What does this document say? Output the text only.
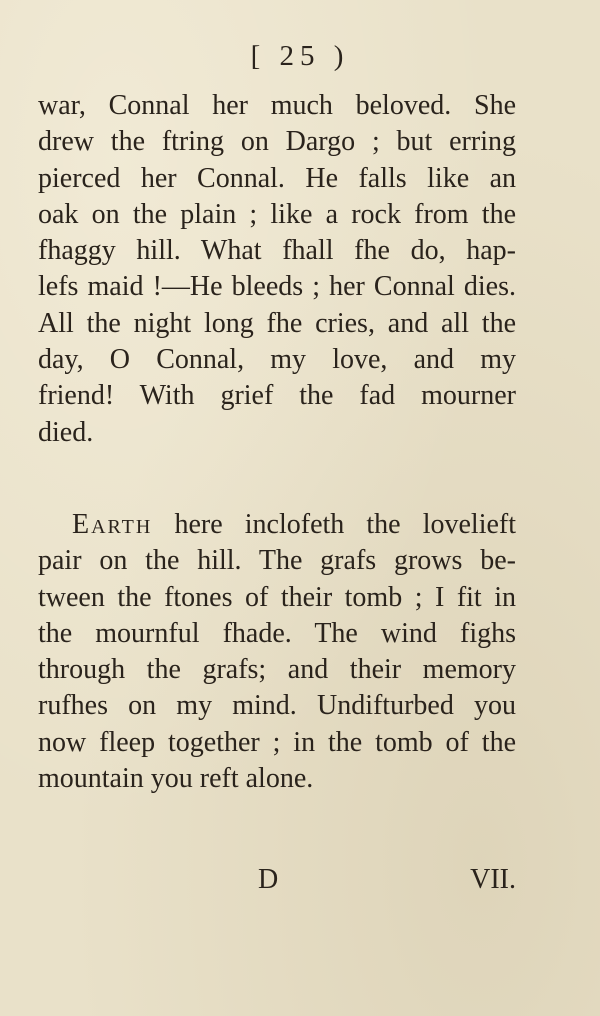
[ 25 )
war, Connal her much beloved. She
drew the ftring on Dargo ; but erring
pierced her Connal. He falls like an
oak on the plain ; like a rock from the
fhaggy hill. What fhall fhe do, hap-
lefs maid !—He bleeds ; her Connal dies.
All the night long fhe cries, and all the
day, O Connal, my love, and my
friend! With grief the fad mourner
died.
Earth here inclofeth the lovelieft
pair on the hill. The grafs grows be-
tween the ftones of their tomb ; I fit in
the mournful fhade. The wind fighs
through the grafs; and their memory
rufhes on my mind. Undifturbed you
now fleep together ; in the tomb of the
mountain you reft alone.
D	VII.
